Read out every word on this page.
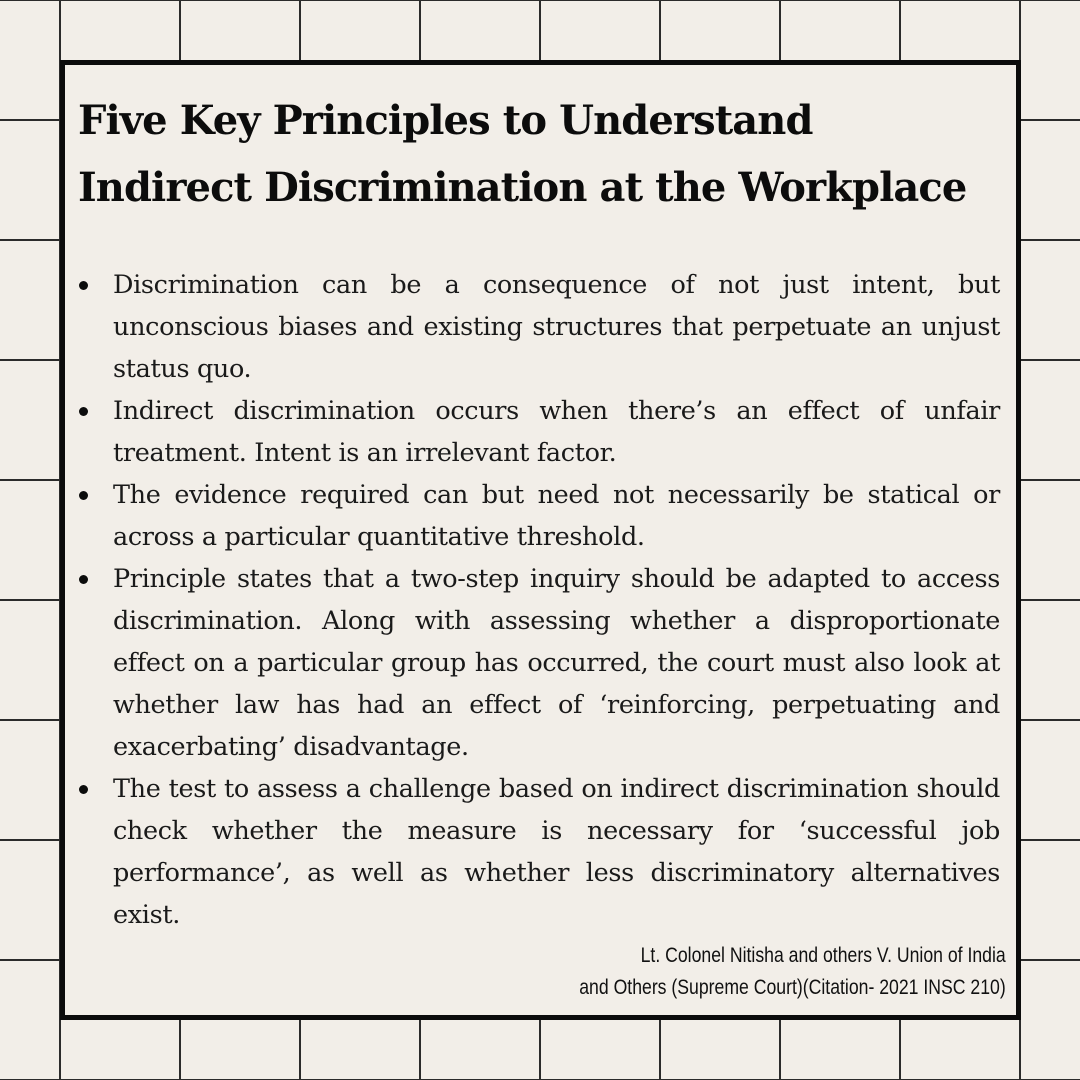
Five Key Principles to Understand
Indirect Discrimination at the Workplace
Discrimination can be a consequence of not just intent, but unconscious biases and existing structures that perpetuate an unjust status quo.
Indirect discrimination occurs when there’s an effect of unfair treatment. Intent is an irrelevant factor.
The evidence required can but need not necessarily be statical or across a particular quantitative threshold.
Principle states that a two-step inquiry should be adapted to access discrimination. Along with assessing whether a disproportionate effect on a particular group has occurred, the court must also look at whether law has had an effect of ‘reinforcing, perpetuating and exacerbating’ disadvantage.
The test to assess a challenge based on indirect discrimination should check whether the measure is necessary for ‘successful job performance’, as well as whether less discriminatory alternatives exist.
Lt. Colonel Nitisha and others V. Union of India
and Others (Supreme Court)(Citation- 2021 INSC 210)
